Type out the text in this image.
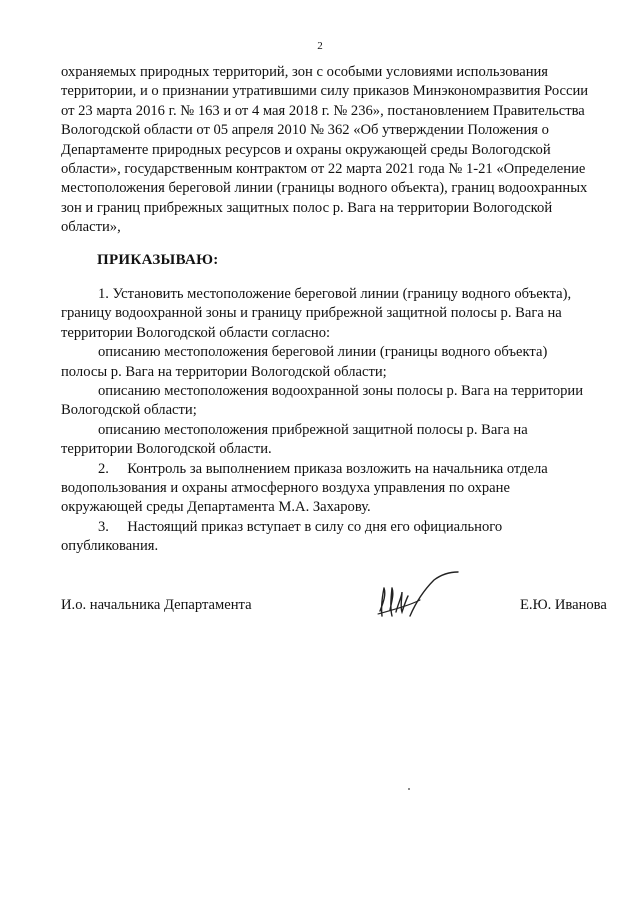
2

охраняемых природных территорий, зон с особыми условиями использования

территории, и о признании утратившими силу приказов Минэкономразвития России

от 23 марта 2016 г. № 163 и от 4 мая 2018 г. № 236», постановлением Правительства

Вологодской области от 05 апреля 2010 № 362 «Об утверждении Положения о

Департаменте природных ресурсов и охраны окружающей среды Вологодской

области», государственным контрактом от 22 марта 2021 года № 1-21 «Определение

местоположения береговой линии (границы водного объекта), границ водоохранных

зон и границ прибрежных защитных полос р. Вага на территории Вологодской

области»,

ПРИКАЗЫВАЮ:

1. Установить местоположение береговой линии (границу водного объекта),

границу водоохранной зоны и границу прибрежной защитной полосы р. Вага на

территории Вологодской области согласно:

описанию местоположения береговой линии (границы водного объекта)

полосы р. Вага на территории Вологодской области;

описанию местоположения водоохранной зоны полосы р. Вага на территории

Вологодской области;

описанию местоположения прибрежной защитной полосы р. Вага на

территории Вологодской области.

2.     Контроль за выполнением приказа возложить на начальника отдела

водопользования и охраны атмосферного воздуха управления по охране

окружающей среды Департамента М.А. Захарову.

3.     Настоящий приказ вступает в силу со дня его официального

опубликования.

И.о. начальника Департамента	Е.Ю. Иванова
